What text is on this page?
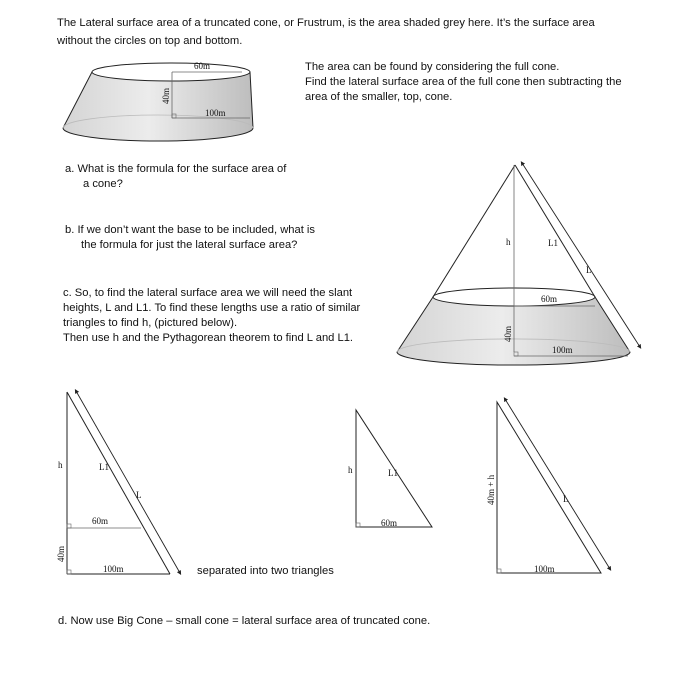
The Lateral surface area of a truncated cone, or Frustrum, is the area shaded grey here. It’s the surface area
without the circles on top and bottom.
The area can be found by considering the full cone.
Find the lateral surface area of the full cone then subtracting the
area of the smaller, top, cone.
a. What is the formula for the surface area of
a cone?
b. If we don’t want the base to be included, what is
the formula for just the lateral surface area?
c. So, to find the lateral surface area we will need the slant
heights, L and L1. To find these lengths use a ratio of similar
triangles to find h, (pictured below).
Then use h and the Pythagorean theorem to find L and L1.
separated into two triangles
d. Now use Big Cone – small cone = lateral surface area of truncated cone.
60m
40m
100m
h	L1
L
60m
40m
100m
h	L1
L
60m
40m
100m
h	L1
60m
40m + h	L
100m
